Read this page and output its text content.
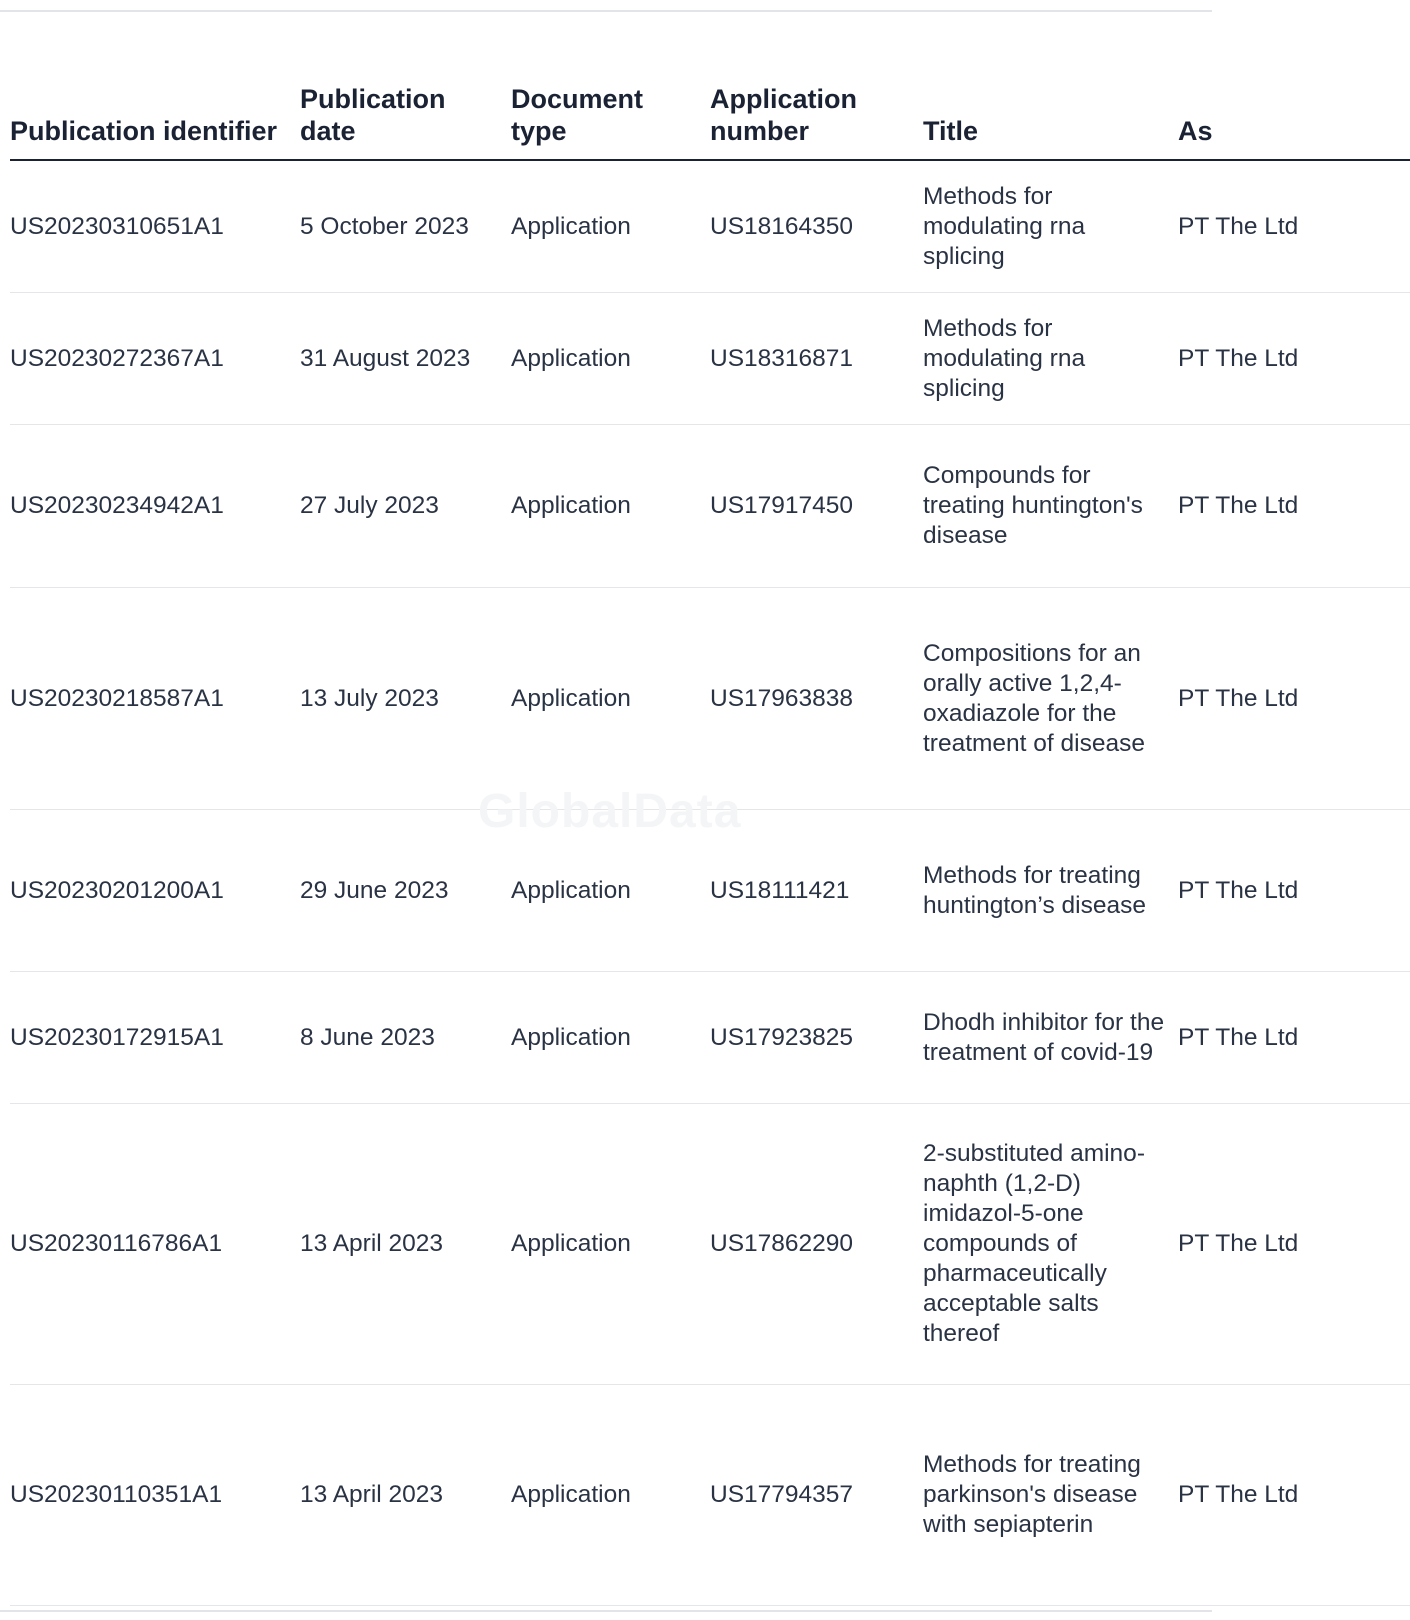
Publication identifier	Publication date	Document type	Application number	Title	As
US20230310651A1	5 October 2023	Application	US18164350	Methods for modulating rna splicing	PT The Ltd
US20230272367A1	31 August 2023	Application	US18316871	Methods for modulating rna splicing	PT The Ltd
US20230234942A1	27 July 2023	Application	US17917450	Compounds for treating huntington's disease	PT The Ltd
US20230218587A1	13 July 2023	Application	US17963838	Compositions for an orally active 1,2,4-oxadiazole for the treatment of disease	PT The Ltd
US20230201200A1	29 June 2023	Application	US18111421	Methods for treating huntington’s disease	PT The Ltd
US20230172915A1	8 June 2023	Application	US17923825	Dhodh inhibitor for the treatment of covid-19	PT The Ltd
US20230116786A1	13 April 2023	Application	US17862290	2-substituted amino-naphth (1,2-D) imidazol-5-one compounds of pharmaceutically acceptable salts thereof	PT The Ltd
US20230110351A1	13 April 2023	Application	US17794357	Methods for treating parkinson's disease with sepiapterin	PT The Ltd
GlobalData
